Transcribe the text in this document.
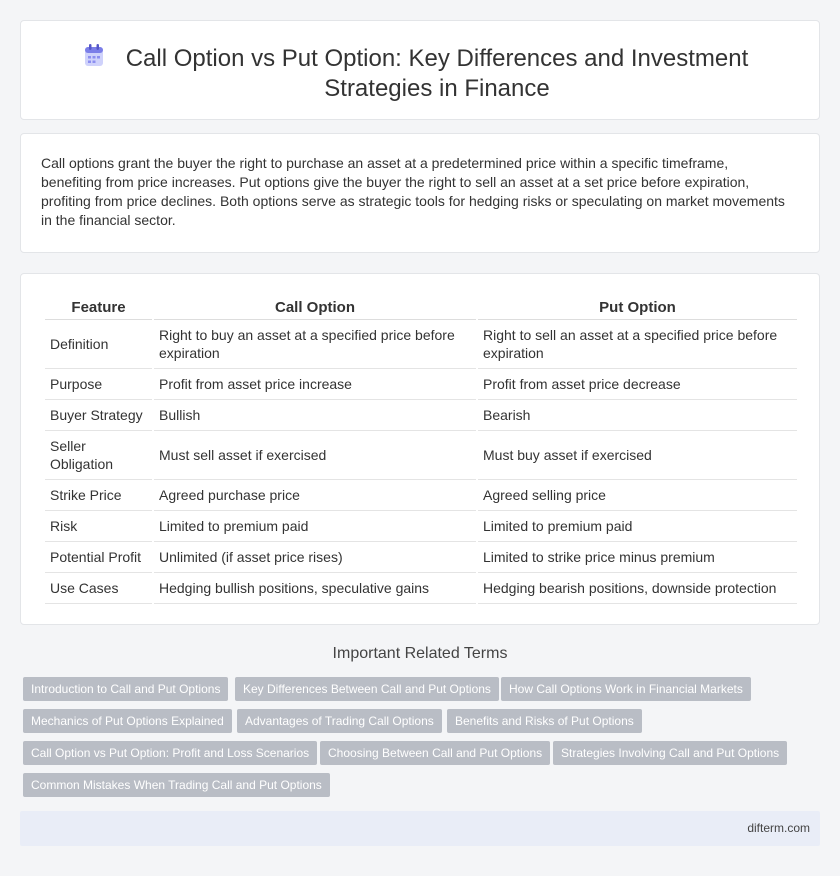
Call Option vs Put Option: Key Differences and Investment Strategies in Finance

Call options grant the buyer the right to purchase an asset at a predetermined price within a specific timeframe, benefiting from price increases. Put options give the buyer the right to sell an asset at a set price before expiration, profiting from price declines. Both options serve as strategic tools for hedging risks or speculating on market movements in the financial sector.

Feature	Call Option	Put Option
Definition	Right to buy an asset at a specified price before expiration	Right to sell an asset at a specified price before expiration
Purpose	Profit from asset price increase	Profit from asset price decrease
Buyer Strategy	Bullish	Bearish
Seller Obligation	Must sell asset if exercised	Must buy asset if exercised
Strike Price	Agreed purchase price	Agreed selling price
Risk	Limited to premium paid	Limited to premium paid
Potential Profit	Unlimited (if asset price rises)	Limited to strike price minus premium
Use Cases	Hedging bullish positions, speculative gains	Hedging bearish positions, downside protection
Important Related Terms
Introduction to Call and Put Options	Key Differences Between Call and Put Options	How Call Options Work in Financial Markets
Mechanics of Put Options Explained	Advantages of Trading Call Options	Benefits and Risks of Put Options
Call Option vs Put Option: Profit and Loss Scenarios	Choosing Between Call and Put Options	Strategies Involving Call and Put Options
Common Mistakes When Trading Call and Put Options
difterm.com
